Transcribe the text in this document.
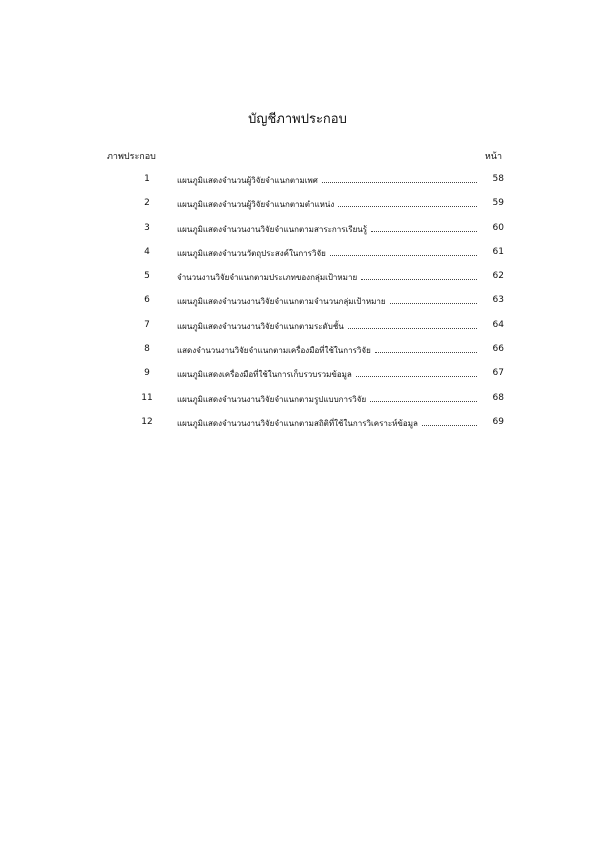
บัญชีภาพประกอบ
ภาพประกอบ	หน้า
1	แผนภูมิแสดงจำนวนผู้วิจัยจำแนกตามเพศ	58
2	แผนภูมิแสดงจำนวนผู้วิจัยจำแนกตามตำแหน่ง	59
3	แผนภูมิแสดงจำนวนงานวิจัยจำแนกตามสาระการเรียนรู้	60
4	แผนภูมิแสดงจำนวนวัตถุประสงค์ในการวิจัย	61
5	จำนวนงานวิจัยจำแนกตามประเภทของกลุ่มเป้าหมาย	62
6	แผนภูมิแสดงจำนวนงานวิจัยจำแนกตามจำนวนกลุ่มเป้าหมาย	63
7	แผนภูมิแสดงจำนวนงานวิจัยจำแนกตามระดับชั้น	64
8	แสดงจำนวนงานวิจัยจำแนกตามเครื่องมือที่ใช้ในการวิจัย	66
9	แผนภูมิแสดงเครื่องมือที่ใช้ในการเก็บรวบรวมข้อมูล	67
11	แผนภูมิแสดงจำนวนงานวิจัยจำแนกตามรูปแบบการวิจัย	68
12	แผนภูมิแสดงจำนวนงานวิจัยจำแนกตามสถิติที่ใช้ในการวิเคราะห์ข้อมูล	69
